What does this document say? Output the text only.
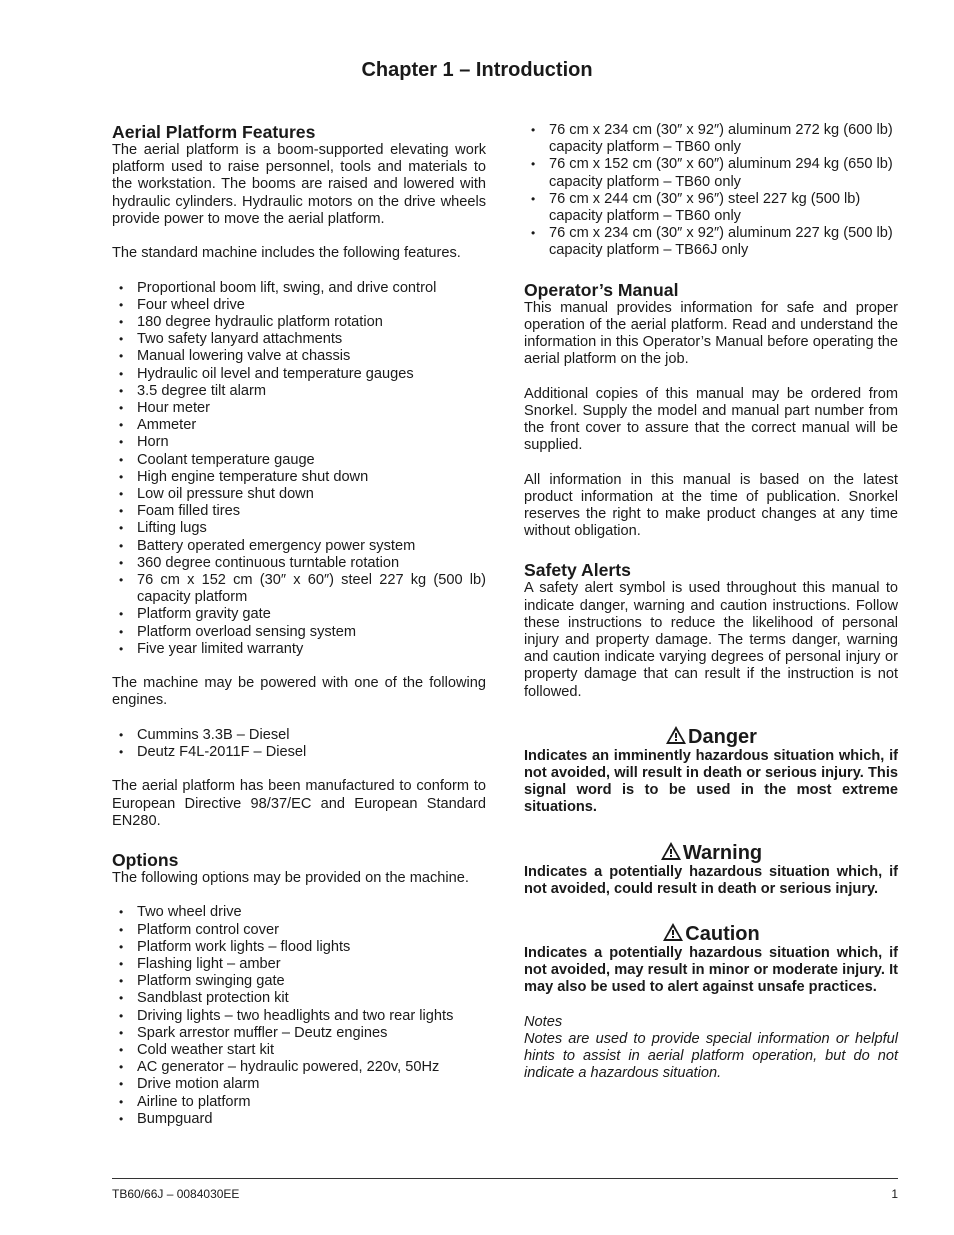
Chapter 1 – Introduction
Aerial Platform Features

The aerial platform is a boom-supported elevating work platform used to raise personnel, tools and materials to the workstation. The booms are raised and lowered with hydraulic cylinders. Hydraulic motors on the drive wheels provide power to move the aerial platform.

The standard machine includes the following features.

• Proportional boom lift, swing, and drive control
• Four wheel drive
• 180 degree hydraulic platform rotation
• Two safety lanyard attachments
• Manual lowering valve at chassis
• Hydraulic oil level and temperature gauges
• 3.5 degree tilt alarm
• Hour meter
• Ammeter
• Horn
• Coolant temperature gauge
• High engine temperature shut down
• Low oil pressure shut down
• Foam filled tires
• Lifting lugs
• Battery operated emergency power system
• 360 degree continuous turntable rotation
• 76 cm x 152 cm (30″ x 60″) steel 227 kg (500 lb) capacity platform
• Platform gravity gate
• Platform overload sensing system
• Five year limited warranty

The machine may be powered with one of the following engines.

• Cummins 3.3B – Diesel
• Deutz F4L-2011F – Diesel

The aerial platform has been manufactured to conform to European Directive 98/37/EC and European Standard EN280.

Options

The following options may be provided on the machine.

• Two wheel drive
• Platform control cover
• Platform work lights – flood lights
• Flashing light – amber
• Platform swinging gate
• Sandblast protection kit
• Driving lights – two headlights and two rear lights
• Spark arrestor muffler – Deutz engines
• Cold weather start kit
• AC generator – hydraulic powered, 220v, 50Hz
• Drive motion alarm
• Airline to platform
• Bumpguard
• 76 cm x 234 cm (30″ x 92″) aluminum 272 kg (600 lb) capacity platform – TB60 only
• 76 cm x 152 cm (30″ x 60″) aluminum 294 kg (650 lb) capacity platform – TB60 only
• 76 cm x 244 cm (30″ x 96″) steel 227 kg (500 lb) capacity platform – TB60 only
• 76 cm x 234 cm (30″ x 92″) aluminum 227 kg (500 lb) capacity platform – TB66J only
Operator’s Manual

This manual provides information for safe and proper operation of the aerial platform. Read and understand the information in this Operator’s Manual before operating the aerial platform on the job.

Additional copies of this manual may be ordered from Snorkel. Supply the model and manual part number from the front cover to assure that the correct manual will be supplied.

All information in this manual is based on the latest product information at the time of publication. Snorkel reserves the right to make product changes at any time without obligation.

Safety Alerts

A safety alert symbol is used throughout this manual to indicate danger, warning and caution instructions. Follow these instructions to reduce the likelihood of personal injury and property damage. The terms danger, warning and caution indicate varying degrees of personal injury or property damage that can result if the instruction is not followed.

Danger

Indicates an imminently hazardous situation which, if not avoided, will result in death or serious injury. This signal word is to be used in the most extreme situations.

Warning

Indicates a potentially hazardous situation which, if not avoided, could result in death or serious injury.

Caution

Indicates a potentially hazardous situation which, if not avoided, may result in minor or moderate injury. It may also be used to alert against unsafe practices.

Notes

Notes are used to provide special information or helpful hints to assist in aerial platform operation, but do not indicate a hazardous situation.

TB60/66J – 0084030EE	1
